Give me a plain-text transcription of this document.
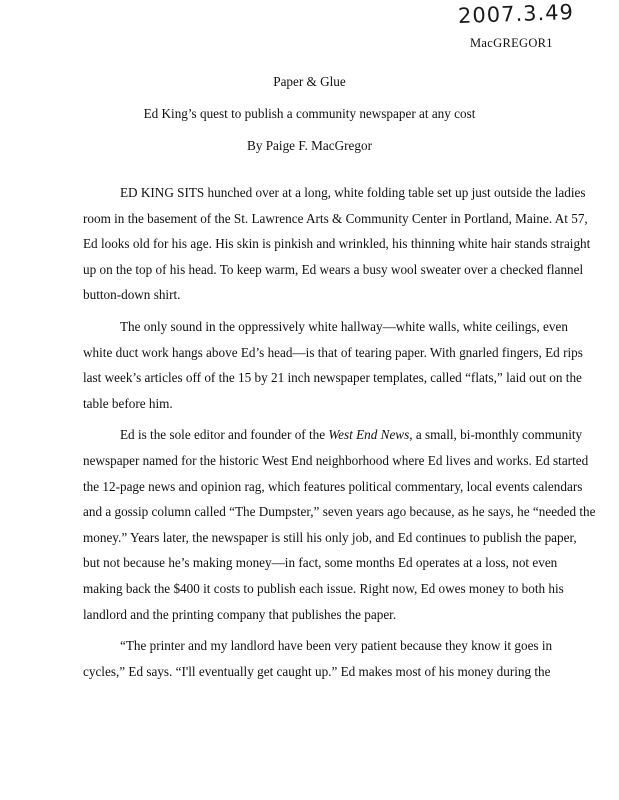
2007.3.49
MacGREGOR1
Paper & Glue
Ed King’s quest to publish a community newspaper at any cost
By Paige F. MacGregor
ED KING SITS hunched over at a long, white folding table set up just outside the ladies
room in the basement of the St. Lawrence Arts & Community Center in Portland, Maine. At 57,
Ed looks old for his age. His skin is pinkish and wrinkled, his thinning white hair stands straight
up on the top of his head. To keep warm, Ed wears a busy wool sweater over a checked flannel
button-down shirt.
The only sound in the oppressively white hallway—white walls, white ceilings, even
white duct work hangs above Ed’s head—is that of tearing paper. With gnarled fingers, Ed rips
last week’s articles off of the 15 by 21 inch newspaper templates, called “flats,” laid out on the
table before him.
Ed is the sole editor and founder of the West End News, a small, bi-monthly community
newspaper named for the historic West End neighborhood where Ed lives and works. Ed started
the 12-page news and opinion rag, which features political commentary, local events calendars
and a gossip column called “The Dumpster,” seven years ago because, as he says, he “needed the
money.” Years later, the newspaper is still his only job, and Ed continues to publish the paper,
but not because he’s making money—in fact, some months Ed operates at a loss, not even
making back the $400 it costs to publish each issue. Right now, Ed owes money to both his
landlord and the printing company that publishes the paper.
“The printer and my landlord have been very patient because they know it goes in
cycles,” Ed says. “I'll eventually get caught up.” Ed makes most of his money during the
